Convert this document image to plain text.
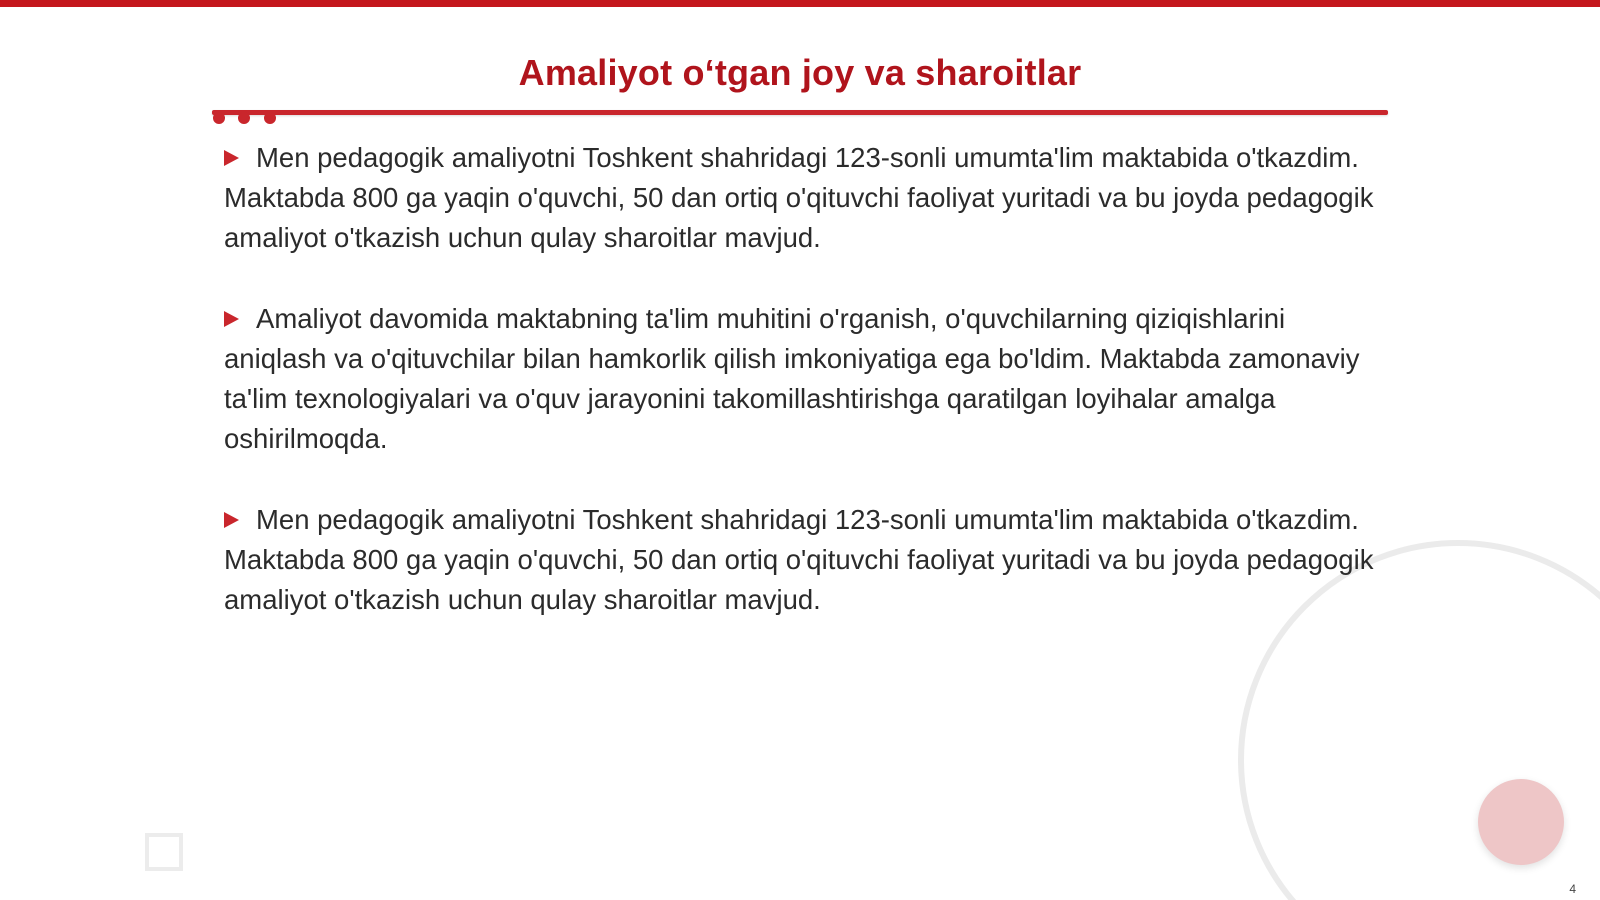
Amaliyot o‘tgan joy va sharoitlar

Men pedagogik amaliyotni Toshkent shahridagi 123-sonli umumta'lim maktabida o'tkazdim. Maktabda 800 ga yaqin o'quvchi, 50 dan ortiq o'qituvchi faoliyat yuritadi va bu joyda pedagogik amaliyot o'tkazish uchun qulay sharoitlar mavjud.

Amaliyot davomida maktabning ta'lim muhitini o'rganish, o'quvchilarning qiziqishlarini aniqlash va o'qituvchilar bilan hamkorlik qilish imkoniyatiga ega bo'ldim. Maktabda zamonaviy ta'lim texnologiyalari va o'quv jarayonini takomillashtirishga qaratilgan loyihalar amalga oshirilmoqda.

Men pedagogik amaliyotni Toshkent shahridagi 123-sonli umumta'lim maktabida o'tkazdim. Maktabda 800 ga yaqin o'quvchi, 50 dan ortiq o'qituvchi faoliyat yuritadi va bu joyda pedagogik amaliyot o'tkazish uchun qulay sharoitlar mavjud.

4
